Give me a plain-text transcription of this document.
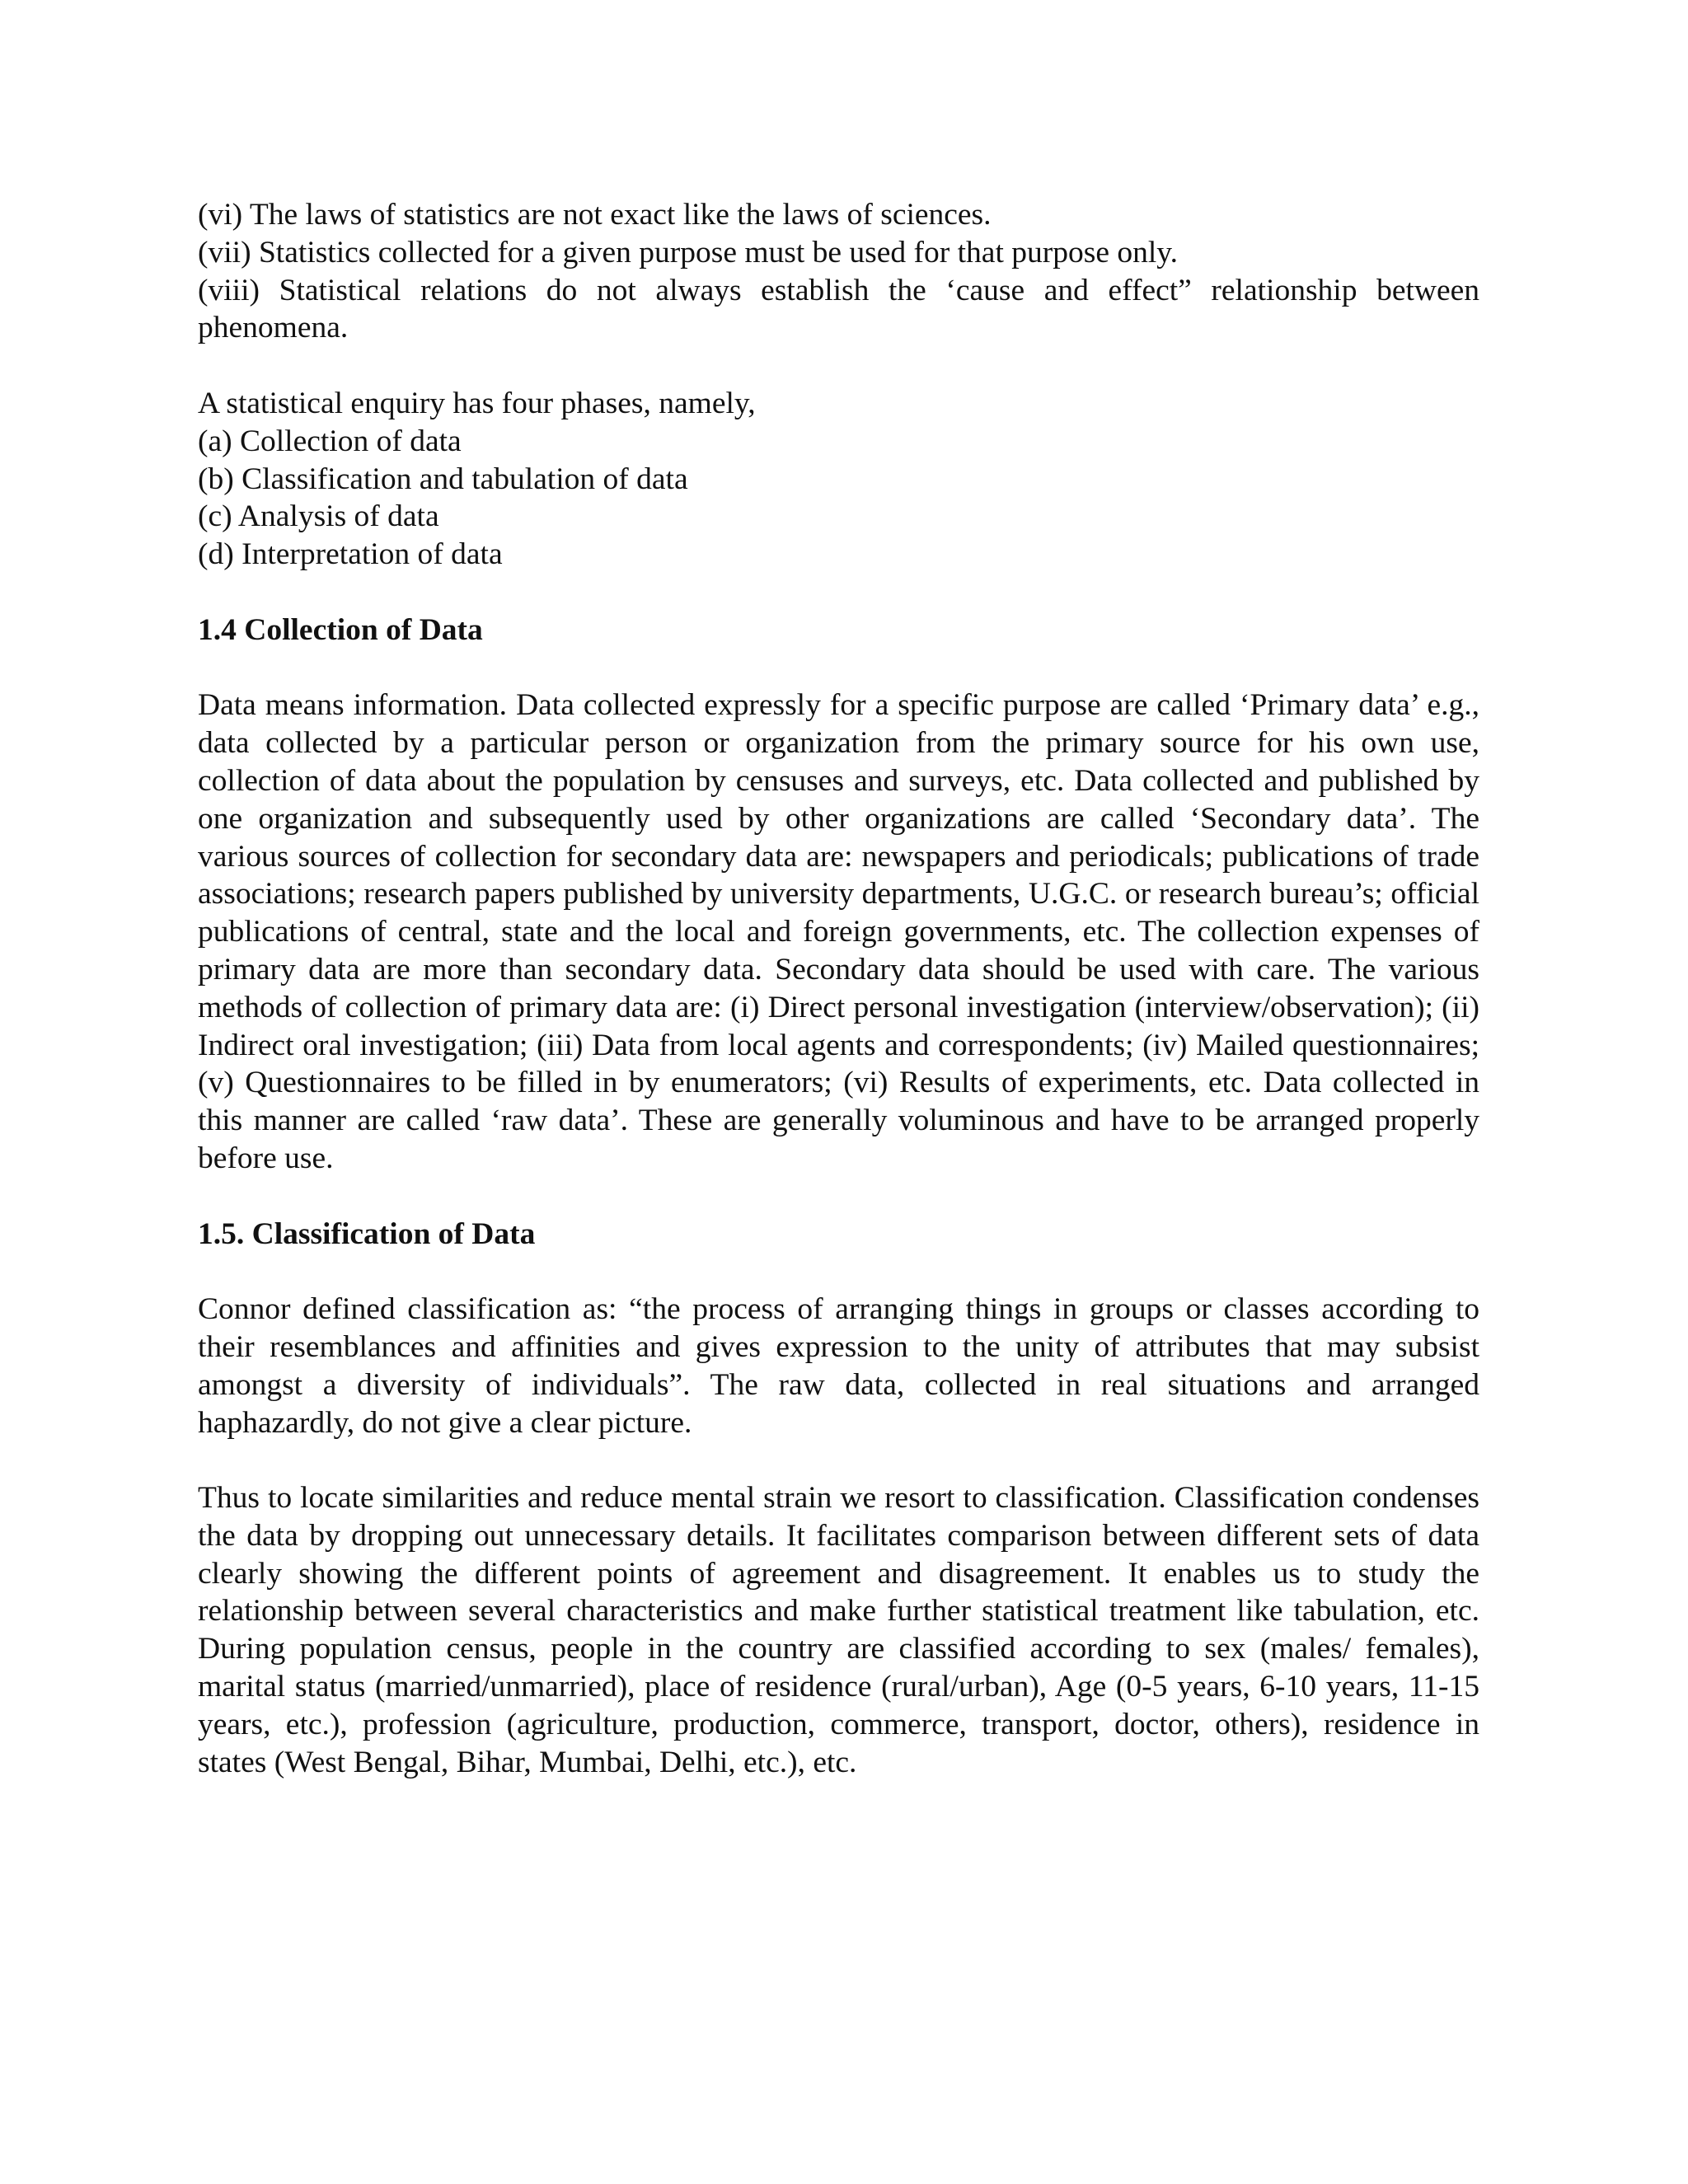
(vi) The laws of statistics are not exact like the laws of sciences.
(vii) Statistics collected for a given purpose must be used for that purpose only.

(viii) Statistical relations do not always establish the ‘cause and effect” relationship between phenomena.

A statistical enquiry has four phases, namely,
(a) Collection of data
(b) Classification and tabulation of data
(c) Analysis of data
(d) Interpretation of data
1.4 Collection of Data

Data means information. Data collected expressly for a specific purpose are called ‘Primary data’ e.g., data collected by a particular person or organization from the primary source for his own use, collection of data about the population by censuses and surveys, etc. Data collected and published by one organization and subsequently used by other organizations are called ‘Secondary data’. The various sources of collection for secondary data are: newspapers and periodicals; publications of trade associations; research papers published by university departments, U.G.C. or research bureau’s; official publications of central, state and the local and foreign governments, etc. The collection expenses of primary data are more than secondary data. Secondary data should be used with care. The various methods of collection of primary data are: (i) Direct personal investigation (interview/observation); (ii) Indirect oral investigation; (iii) Data from local agents and correspondents; (iv) Mailed questionnaires; (v) Questionnaires to be filled in by enumerators; (vi) Results of experiments, etc. Data collected in this manner are called ‘raw data’. These are generally voluminous and have to be arranged properly before use.

1.5. Classification of Data

Connor defined classification as: “the process of arranging things in groups or classes according to their resemblances and affinities and gives expression to the unity of attributes that may subsist amongst a diversity of individuals”. The raw data, collected in real situations and arranged haphazardly, do not give a clear picture.

Thus to locate similarities and reduce mental strain we resort to classification. Classification condenses the data by dropping out unnecessary details. It facilitates comparison between different sets of data clearly showing the different points of agreement and disagreement. It enables us to study the relationship between several characteristics and make further statistical treatment like tabulation, etc. During population census, people in the country are classified according to sex (males/ females), marital status (married/unmarried), place of residence (rural/urban), Age (0-5 years, 6-10 years, 11-15 years, etc.), profession (agriculture, production, commerce, transport, doctor, others), residence in states (West Bengal, Bihar, Mumbai, Delhi, etc.), etc.
